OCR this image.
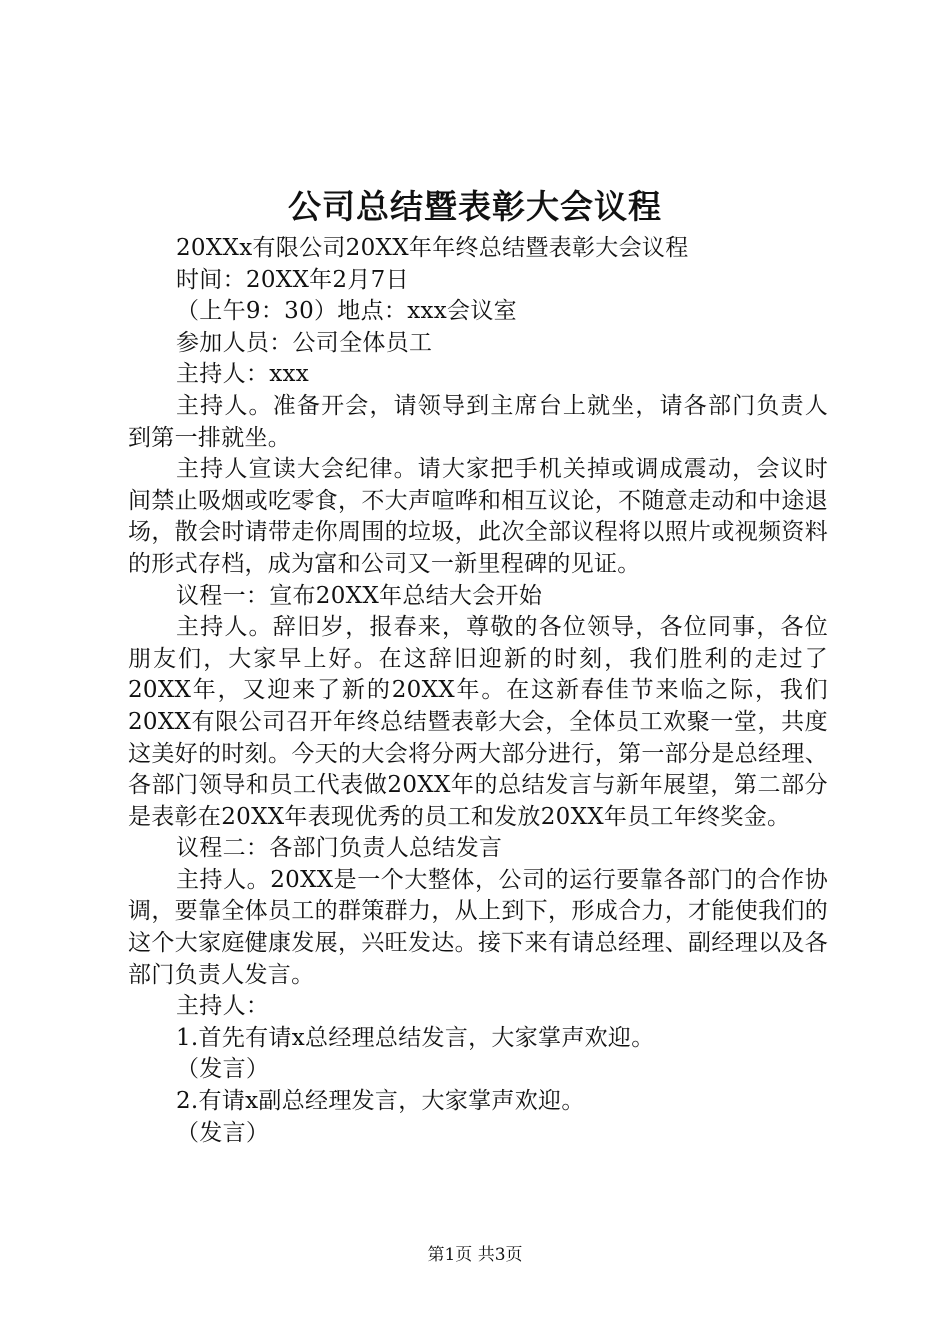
公司总结暨表彰大会议程

20XXx有限公司20XX年年终总结暨表彰大会议程

时间：20XX年2月7日

（上午9：30）地点：xxx会议室

参加人员：公司全体员工

主持人：xxx

主持人。准备开会，请领导到主席台上就坐，请各部门负责人到第一排就坐。

主持人宣读大会纪律。请大家把手机关掉或调成震动，会议时间禁止吸烟或吃零食，不大声喧哗和相互议论，不随意走动和中途退场，散会时请带走你周围的垃圾，此次全部议程将以照片或视频资料的形式存档，成为富和公司又一新里程碑的见证。

议程一：宣布20XX年总结大会开始

主持人。辞旧岁，报春来，尊敬的各位领导，各位同事，各位朋友们，大家早上好。在这辞旧迎新的时刻，我们胜利的走过了20XX年，又迎来了新的20XX年。在这新春佳节来临之际，我们20XX有限公司召开年终总结暨表彰大会，全体员工欢聚一堂，共度这美好的时刻。今天的大会将分两大部分进行，第一部分是总经理、各部门领导和员工代表做20XX年的总结发言与新年展望，第二部分是表彰在20XX年表现优秀的员工和发放20XX年员工年终奖金。

议程二：各部门负责人总结发言

主持人。20XX是一个大整体，公司的运行要靠各部门的合作协调，要靠全体员工的群策群力，从上到下，形成合力，才能使我们的这个大家庭健康发展，兴旺发达。接下来有请总经理、副经理以及各部门负责人发言。

主持人：

1.首先有请x总经理总结发言，大家掌声欢迎。

（发言）

2.有请x副总经理发言，大家掌声欢迎。

（发言）

第1页 共3页
